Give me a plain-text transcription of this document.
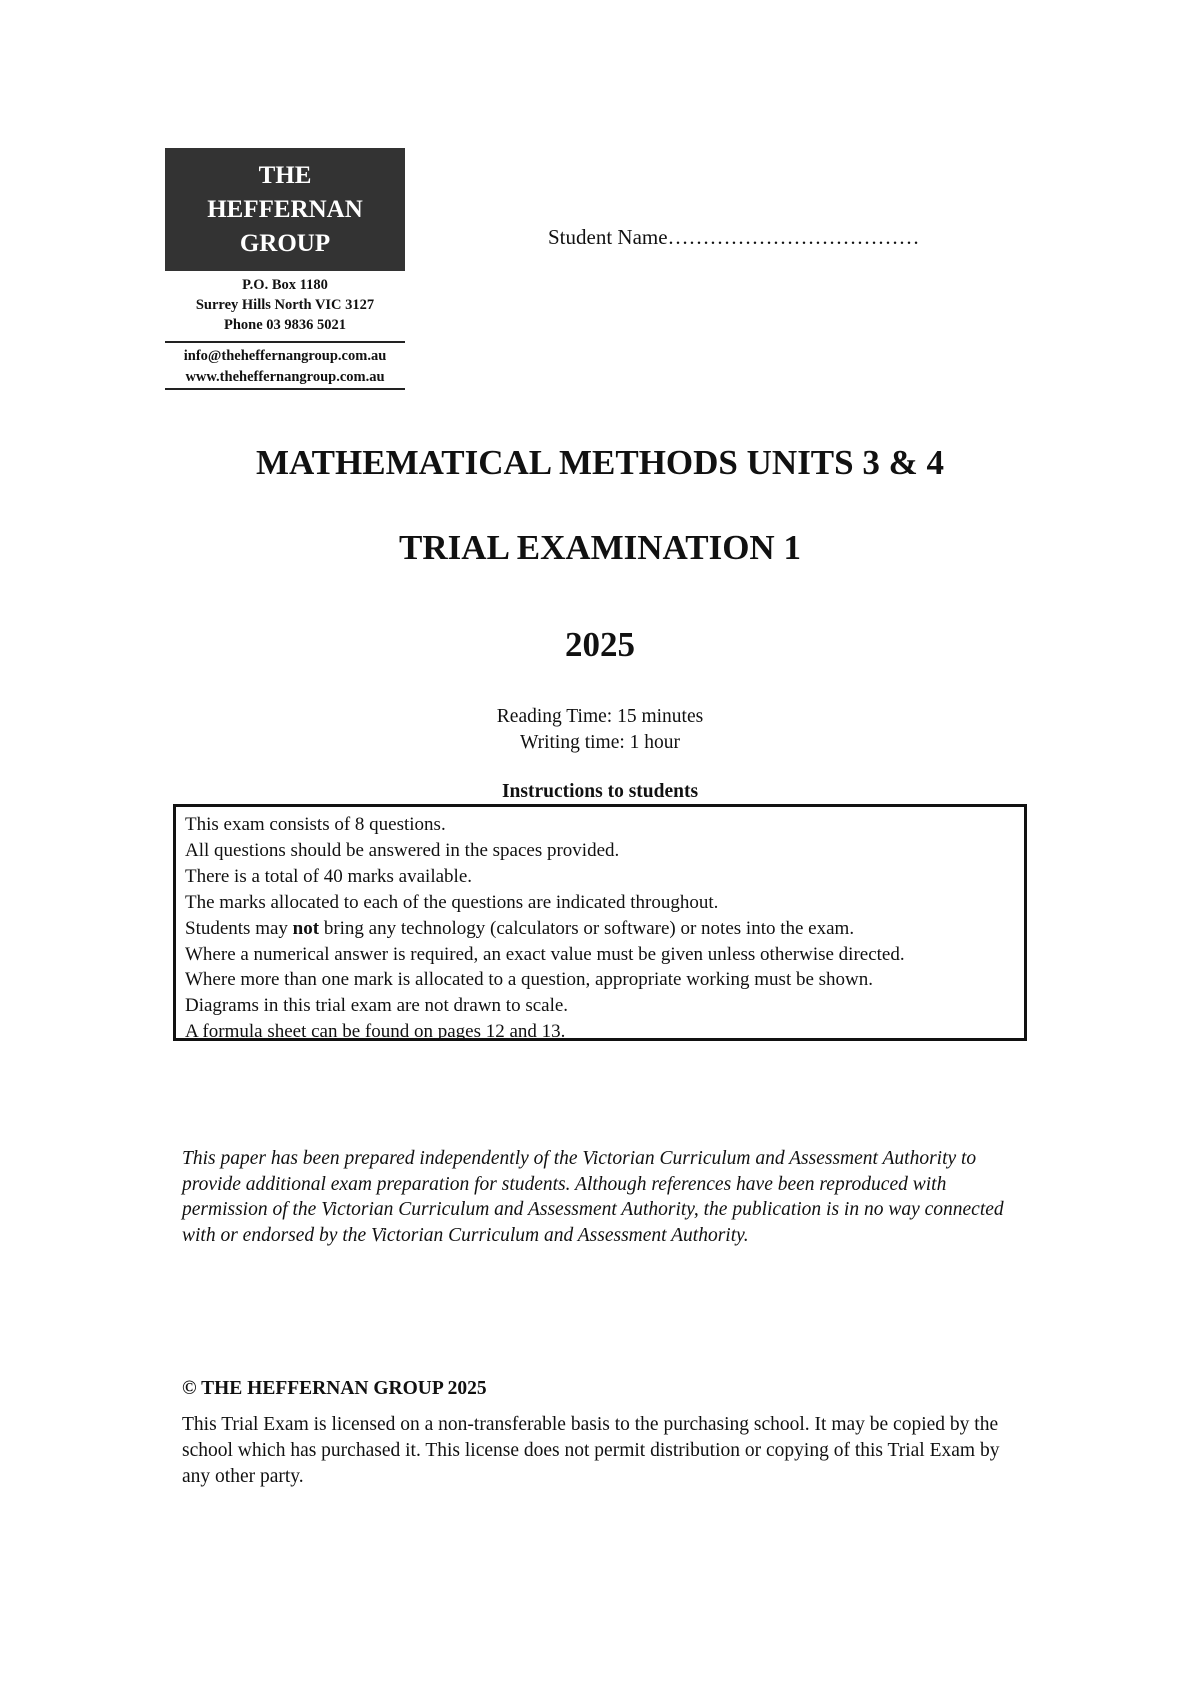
THE
HEFFERNAN
GROUP
P.O. Box 1180
Surrey Hills North VIC 3127
Phone 03 9836 5021
info@theheffernangroup.com.au
www.theheffernangroup.com.au
Student Name………………………………
MATHEMATICAL METHODS UNITS 3 & 4
TRIAL EXAMINATION 1
2025
Reading Time: 15 minutes
Writing time: 1 hour
Instructions to students
This exam consists of 8 questions.
All questions should be answered in the spaces provided.
There is a total of 40 marks available.
The marks allocated to each of the questions are indicated throughout.
Students may not bring any technology (calculators or software) or notes into the exam.
Where a numerical answer is required, an exact value must be given unless otherwise directed.
Where more than one mark is allocated to a question, appropriate working must be shown.
Diagrams in this trial exam are not drawn to scale.
A formula sheet can be found on pages 12 and 13.
This paper has been prepared independently of the Victorian Curriculum and Assessment Authority to provide additional exam preparation for students. Although references have been reproduced with permission of the Victorian Curriculum and Assessment Authority, the publication is in no way connected with or endorsed by the Victorian Curriculum and Assessment Authority.
© THE HEFFERNAN GROUP 2025
This Trial Exam is licensed on a non-transferable basis to the purchasing school. It may be copied by the school which has purchased it. This license does not permit distribution or copying of this Trial Exam by any other party.
